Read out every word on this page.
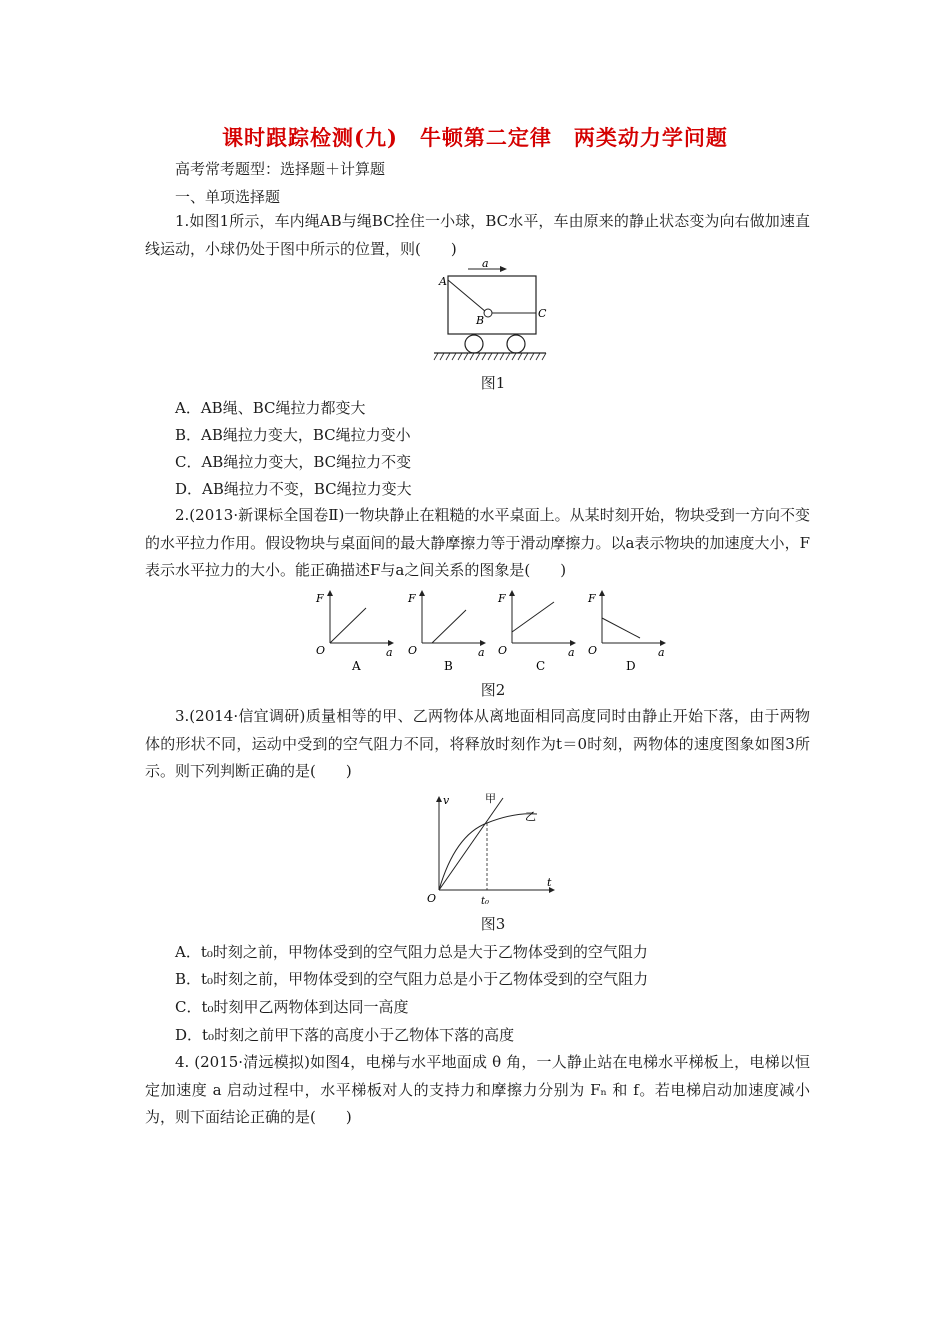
课时跟踪检测(九)　牛顿第二定律　两类动力学问题
高考常考题型：选择题＋计算题
一、单项选择题
1.如图1所示，车内绳AB与绳BC拴住一小球，BC水平，车由原来的静止状态变为向右做加速直线运动，小球仍处于图中所示的位置，则(　　)
a
A
B
C
图1
A．AB绳、BC绳拉力都变大
B．AB绳拉力变大，BC绳拉力变小
C．AB绳拉力变大，BC绳拉力不变
D．AB绳拉力不变，BC绳拉力变大
2.(2013·新课标全国卷Ⅱ)一物块静止在粗糙的水平桌面上。从某时刻开始，物块受到一方向不变的水平拉力作用。假设物块与桌面间的最大静摩擦力等于滑动摩擦力。以a表示物块的加速度大小，F表示水平拉力的大小。能正确描述F与a之间关系的图象是(　　)
F
a
O
A
F
a
O
B
F
a
O
C
F
a
O
D
图2
3.(2014·信宜调研)质量相等的甲、乙两物体从离地面相同高度同时由静止开始下落，由于两物体的形状不同，运动中受到的空气阻力不同，将释放时刻作为t＝0时刻，两物体的速度图象如图3所示。则下列判断正确的是(　　)
v
t
O	t₀
甲
乙
图3
A．t₀时刻之前，甲物体受到的空气阻力总是大于乙物体受到的空气阻力
B．t₀时刻之前，甲物体受到的空气阻力总是小于乙物体受到的空气阻力
C．t₀时刻甲乙两物体到达同一高度
D．t₀时刻之前甲下落的高度小于乙物体下落的高度
4. (2015·清远模拟)如图4，电梯与水平地面成 θ 角，一人静止站在电梯水平梯板上，电梯以恒定加速度 a 启动过程中，水平梯板对人的支持力和摩擦力分别为 Fₙ 和 f。若电梯启动加速度减小为，则下面结论正确的是(　　)
